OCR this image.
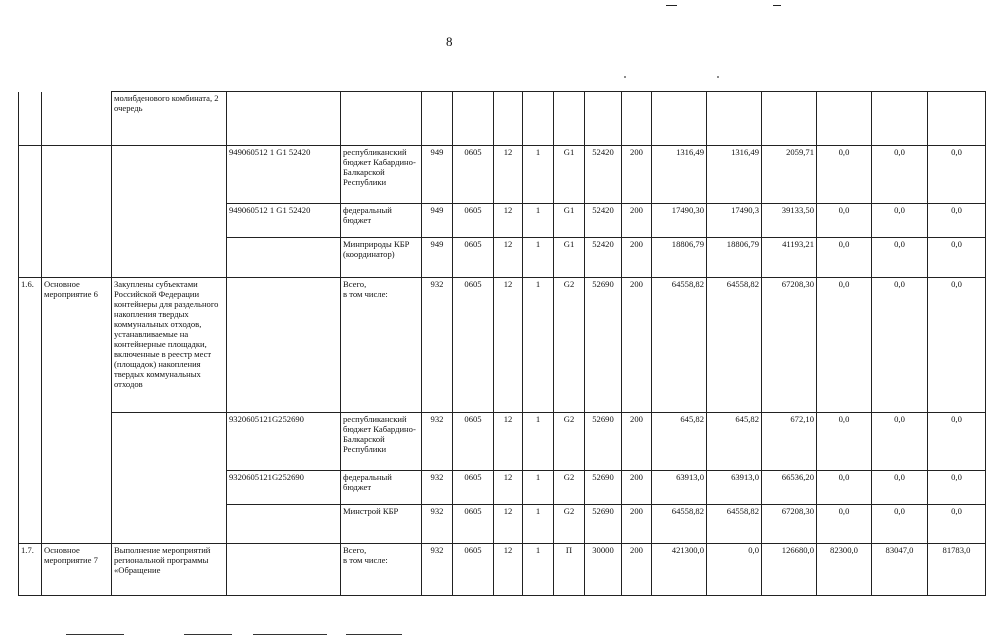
8
		молибденового комбината, 2 очередь															
			949060512 1 G1 52420	республиканский бюджет Кабардино-Балкарской Республики	949	0605	12	1	G1	52420	200	1316,49	1316,49	2059,71	0,0	0,0	0,0
			949060512 1 G1 52420	федеральный бюджет	949	0605	12	1	G1	52420	200	17490,30	17490,3	39133,50	0,0	0,0	0,0
				Минприроды КБР (координатор)	949	0605	12	1	G1	52420	200	18806,79	18806,79	41193,21	0,0	0,0	0,0
1.6.	Основное мероприятие 6	Закуплены субъектами Российской Федерации контейнеры для раздельного накопления твердых коммунальных отходов, устанавливаемые на контейнерные площадки, включенные в реестр мест (площадок) накопления твердых коммунальных отходов		Всего,
в том числе:	932	0605	12	1	G2	52690	200	64558,82	64558,82	67208,30	0,0	0,0	0,0
			9320605121G252690	республиканский бюджет Кабардино-Балкарской Республики	932	0605	12	1	G2	52690	200	645,82	645,82	672,10	0,0	0,0	0,0
			9320605121G252690	федеральный бюджет	932	0605	12	1	G2	52690	200	63913,0	63913,0	66536,20	0,0	0,0	0,0
				Минстрой КБР	932	0605	12	1	G2	52690	200	64558,82	64558,82	67208,30	0,0	0,0	0,0
1.7.	Основное мероприятие 7	Выполнение мероприятий региональной программы «Обращение		Всего,
в том числе:	932	0605	12	1	П	30000	200	421300,0	0,0	126680,0	82300,0	83047,0	81783,0
